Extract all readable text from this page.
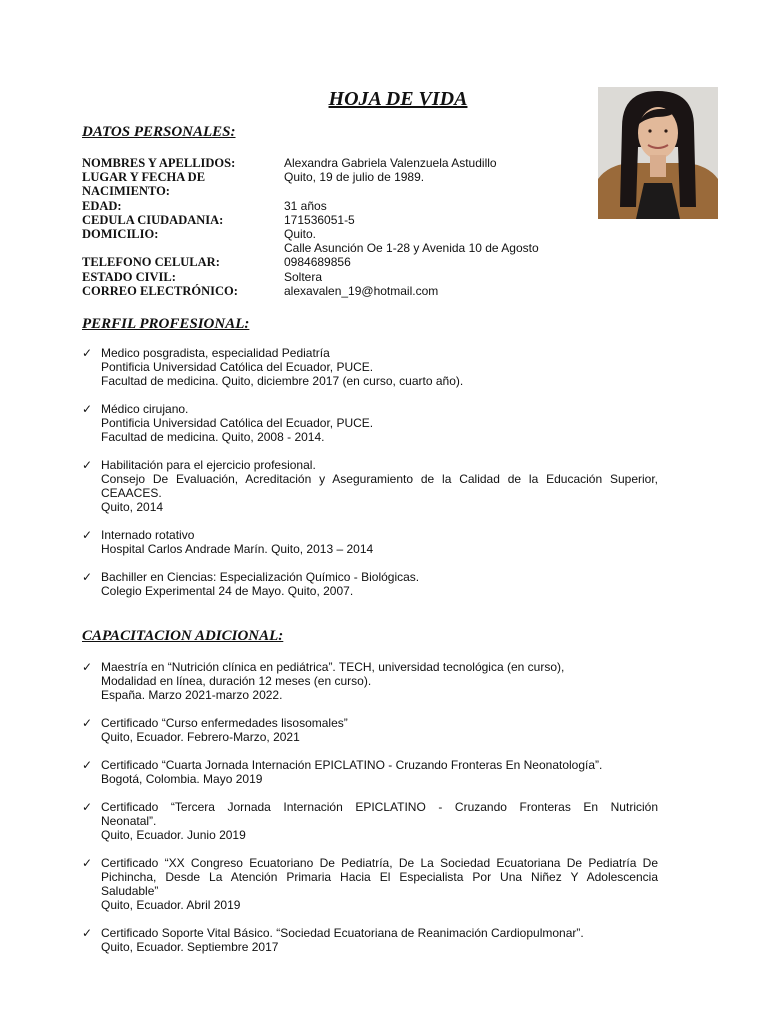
HOJA DE VIDA
DATOS PERSONALES:
NOMBRES Y APELLIDOS:	Alexandra Gabriela Valenzuela Astudillo
LUGAR Y FECHA DE NACIMIENTO:
Quito, 19 de julio de 1989.
EDAD:	31 años
CEDULA CIUDADANIA:	171536051-5
DOMICILIO:	Quito.
Calle Asunción Oe 1-28 y Avenida 10 de Agosto
TELEFONO CELULAR:	0984689856
ESTADO CIVIL:	Soltera
CORREO ELECTRÓNICO:	alexavalen_19@hotmail.com
PERFIL PROFESIONAL:
✓ Medico posgradista, especialidad Pediatría
Pontificia Universidad Católica del Ecuador, PUCE.
Facultad de medicina. Quito, diciembre 2017 (en curso, cuarto año).
✓ Médico cirujano.
Pontificia Universidad Católica del Ecuador, PUCE.
Facultad de medicina. Quito, 2008 - 2014.
✓ Habilitación para el ejercicio profesional.
Consejo De Evaluación, Acreditación y Aseguramiento de la Calidad de la Educación Superior,
CEAACES.
Quito, 2014
✓ Internado rotativo
Hospital Carlos Andrade Marín. Quito, 2013 – 2014
✓ Bachiller en Ciencias: Especialización Químico - Biológicas.
Colegio Experimental 24 de Mayo. Quito, 2007.
CAPACITACION ADICIONAL:
✓ Maestría en “Nutrición clínica en pediátrica”. TECH, universidad tecnológica (en curso),
Modalidad en línea, duración 12 meses (en curso).
España. Marzo 2021-marzo 2022.
✓ Certificado “Curso enfermedades lisosomales”
Quito, Ecuador. Febrero-Marzo, 2021
✓ Certificado “Cuarta Jornada Internación EPICLATINO - Cruzando Fronteras En Neonatología”.
Bogotá, Colombia. Mayo 2019
✓ Certificado “Tercera Jornada Internación EPICLATINO - Cruzando Fronteras En Nutrición
Neonatal”.
Quito, Ecuador. Junio 2019
✓ Certificado “XX Congreso Ecuatoriano De Pediatría, De La Sociedad Ecuatoriana De Pediatría De
Pichincha, Desde La Atención Primaria Hacia El Especialista Por Una Niñez Y Adolescencia
Saludable”
Quito, Ecuador. Abril 2019
✓ Certificado Soporte Vital Básico. “Sociedad Ecuatoriana de Reanimación Cardiopulmonar”.
Quito, Ecuador. Septiembre 2017
